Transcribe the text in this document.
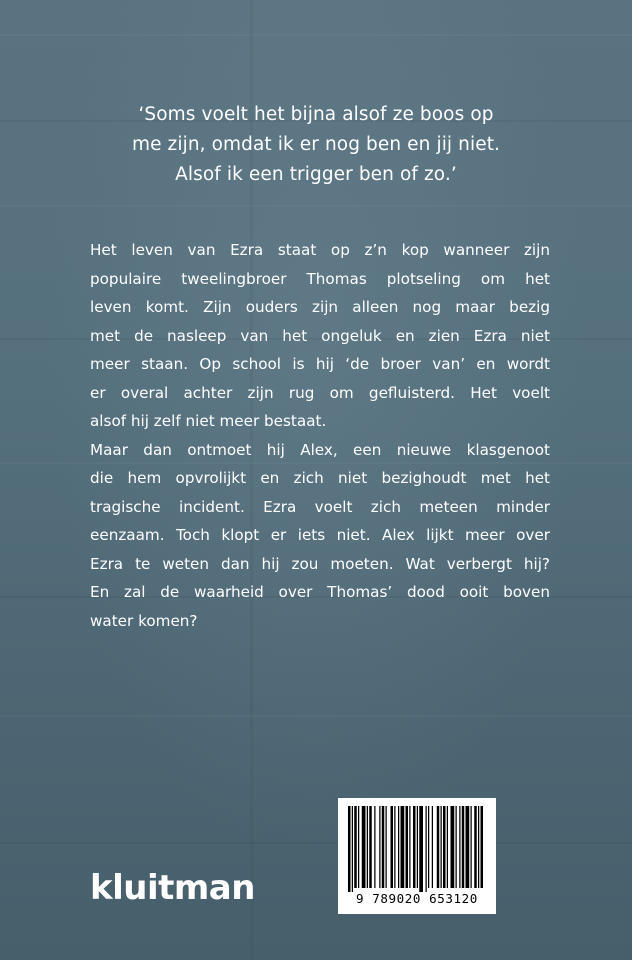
‘Soms voelt het bijna alsof ze boos op
me zijn, omdat ik er nog ben en jij niet.
Alsof ik een trigger ben of zo.’
Het leven van Ezra staat op z’n kop wanneer zijn
populaire tweelingbroer Thomas plotseling om het
leven komt. Zijn ouders zijn alleen nog maar bezig
met de nasleep van het ongeluk en zien Ezra niet
meer staan. Op school is hij ‘de broer van’ en wordt
er overal achter zijn rug om gefluisterd. Het voelt
alsof hij zelf niet meer bestaat.
Maar dan ontmoet hij Alex, een nieuwe klasgenoot
die hem opvrolijkt en zich niet bezighoudt met het
tragische incident. Ezra voelt zich meteen minder
eenzaam. Toch klopt er iets niet. Alex lijkt meer over
Ezra te weten dan hij zou moeten. Wat verbergt hij?
En zal de waarheid over Thomas’ dood ooit boven
water komen?
kluitman	9 789020 653120
